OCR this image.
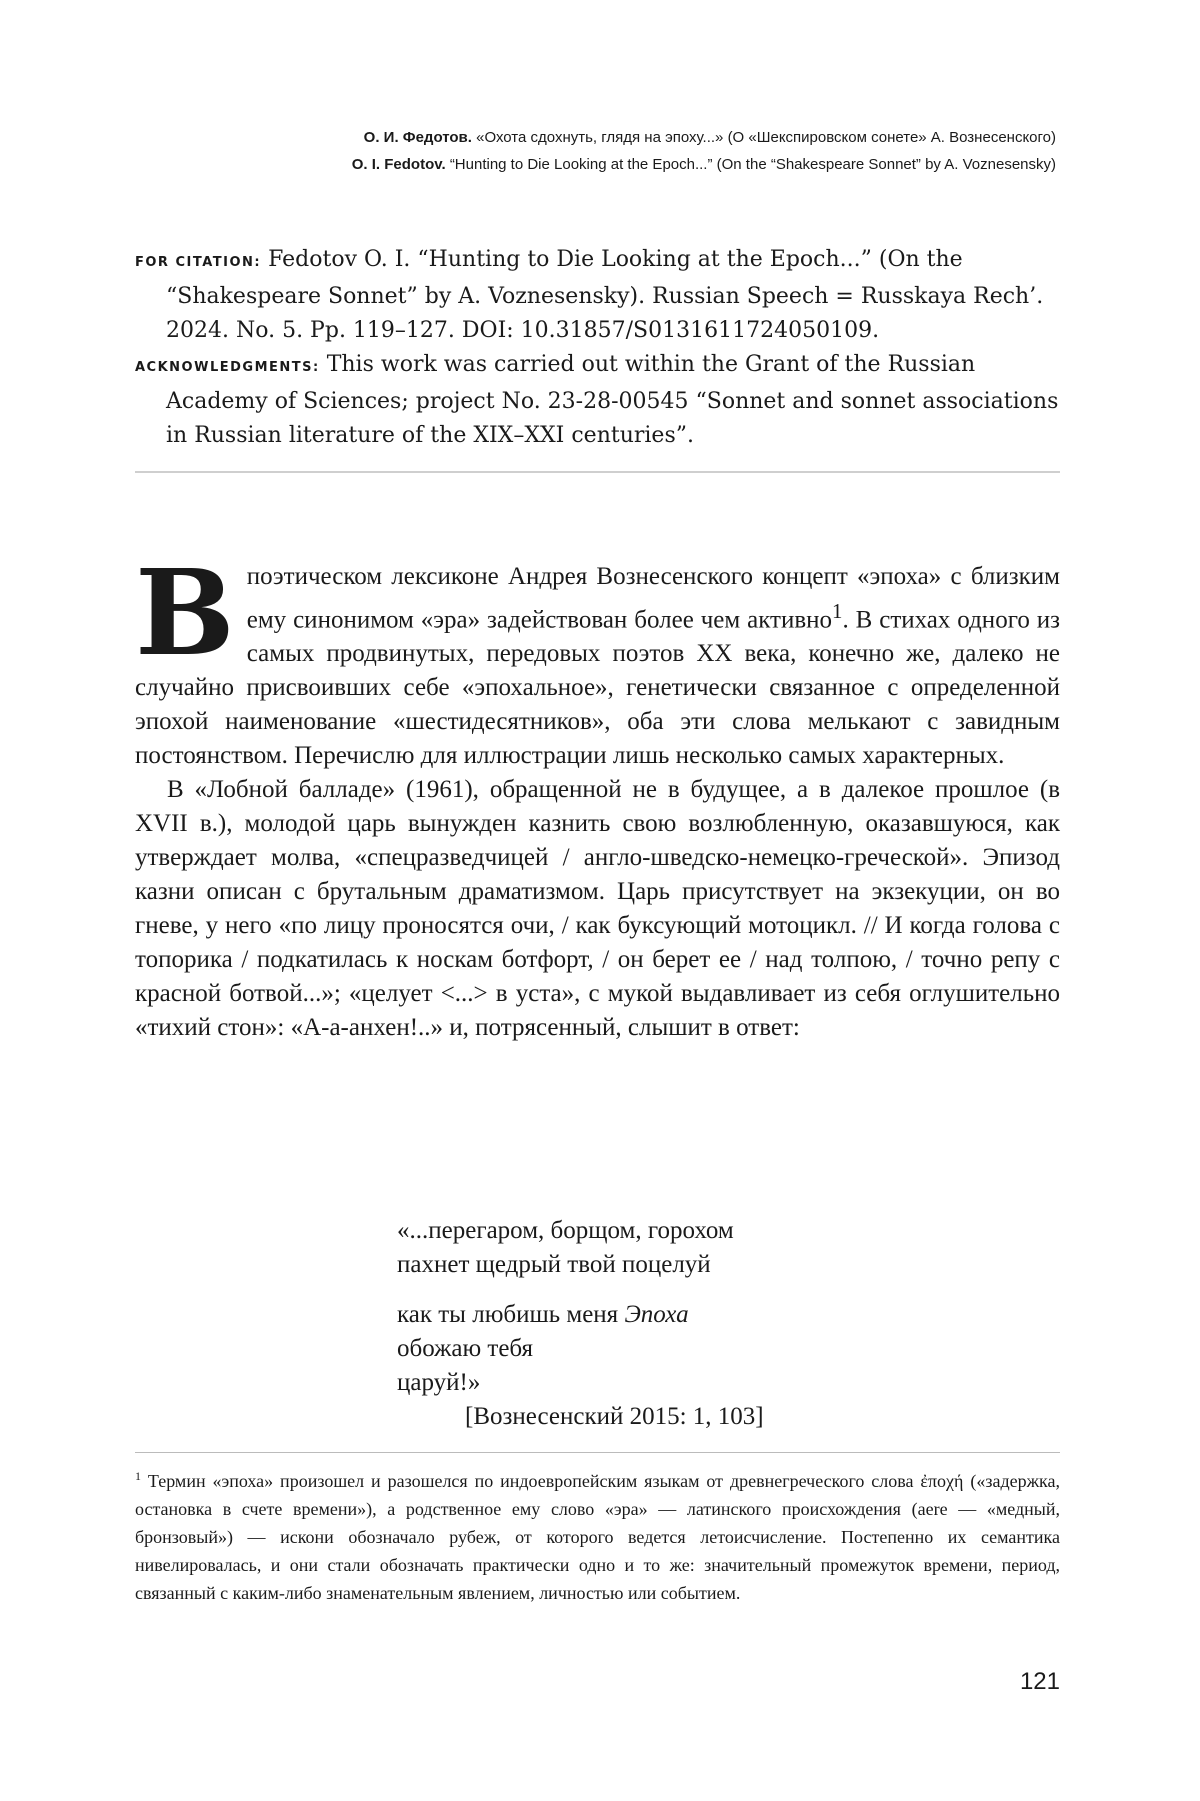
О. И. Федотов. «Охота сдохнуть, глядя на эпоху...» (О «Шекспировском сонете» А. Вознесенского)
O. I. Fedotov. “Hunting to Die Looking at the Epoch...” (On the “Shakespeare Sonnet” by A. Voznesensky)

FOR CITATION: Fedotov O. I. “Hunting to Die Looking at the Epoch...” (On the “Shakespeare Sonnet” by A. Voznesensky). Russian Speech = Russkaya Rech’. 2024. No. 5. Pp. 119–127. DOI: 10.31857/S0131611724050109.

ACKNOWLEDGMENTS: This work was carried out within the Grant of the Russian Academy of Sciences; project No. 23-28-00545 “Sonnet and sonnet associations in Russian literature of the XIX–XXI centuries”.

Впоэтическом лексиконе Андрея Вознесенского концепт «эпоха» с близким ему синонимом «эра» задействован более чем активно$^1$. В стихах одного из самых продвинутых, передовых поэтов XX века, конечно же, далеко не случайно присвоивших себе «эпохальное», генетически связанное с определенной эпохой наименование «шестидесятников», оба эти слова мелькают с завидным постоянством. Перечислю для иллюстрации лишь несколько самых характерных.

В «Лобной балладе» (1961), обращенной не в будущее, а в далекое прошлое (в XVII в.), молодой царь вынужден казнить свою возлюбленную, оказавшуюся, как утверждает молва, «спецразведчицей / англо-шведско-немецко-греческой». Эпизод казни описан с брутальным драматизмом. Царь присутствует на экзекуции, он во гневе, у него «по лицу проносятся очи, / как буксующий мотоцикл. // И когда голова с топорика / подкатилась к носкам ботфорт, / он берет ее / над толпою, / точно репу с красной ботвой...»; «целует <...> в уста», с мукой выдавливает из себя оглушительно «тихий стон»: «А-а-анхен!..» и, потрясенный, слышит в ответ:

«...перегаром, борщом, горохом
пахнет щедрый твой поцелуй
как ты любишь меня Эпоха
обожаю тебя
царуй!»
[Вознесенский 2015: 1, 103]
$^1$ Термин «эпоха» произошел и разошелся по индоевропейским языкам от древнегреческого слова ἐποχή («задержка, остановка в счете времени»), а родственное ему слово «эра» — латинского происхождения (aere — «медный, бронзовый») — искони обозначало рубеж, от которого ведется летоисчисление. Постепенно их семантика нивелировалась, и они стали обозначать практически одно и то же: значительный промежуток времени, период, связанный с каким-либо знаменательным явлением, личностью или событием.
121
